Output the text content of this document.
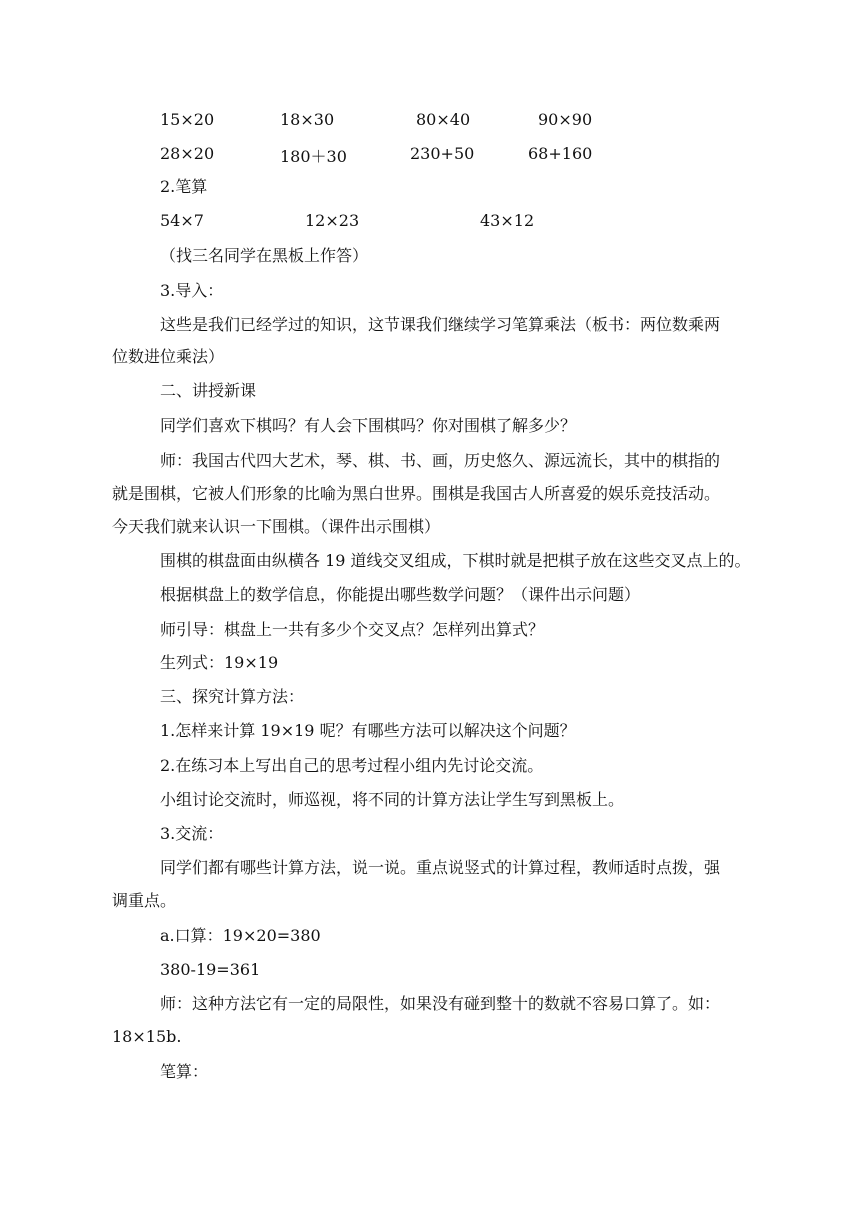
15×20	18×30	80×40	90×90
28×20	180＋30	230+50	68+160
2.笔算
54×7	12×23	43×12
（找三名同学在黑板上作答）
3.导入：
这些是我们已经学过的知识，这节课我们继续学习笔算乘法（板书：两位数乘两
位数进位乘法）
二、讲授新课
同学们喜欢下棋吗？有人会下围棋吗？你对围棋了解多少？
师：我国古代四大艺术，琴、棋、书、画，历史悠久、源远流长，其中的棋指的
就是围棋，它被人们形象的比喻为黑白世界。围棋是我国古人所喜爱的娱乐竞技活动。
今天我们就来认识一下围棋。（课件出示围棋）
围棋的棋盘面由纵横各 19 道线交叉组成，下棋时就是把棋子放在这些交叉点上的。
根据棋盘上的数学信息，你能提出哪些数学问题？（课件出示问题）
师引导：棋盘上一共有多少个交叉点？怎样列出算式？
生列式：19×19
三、探究计算方法：
1.怎样来计算 19×19 呢？有哪些方法可以解决这个问题？
2.在练习本上写出自己的思考过程小组内先讨论交流。
小组讨论交流时，师巡视，将不同的计算方法让学生写到黑板上。
3.交流：
同学们都有哪些计算方法，说一说。重点说竖式的计算过程，教师适时点拨，强
调重点。
a.口算：19×20=380
380-19=361
师：这种方法它有一定的局限性，如果没有碰到整十的数就不容易口算了。如：
18×15b.
笔算：
